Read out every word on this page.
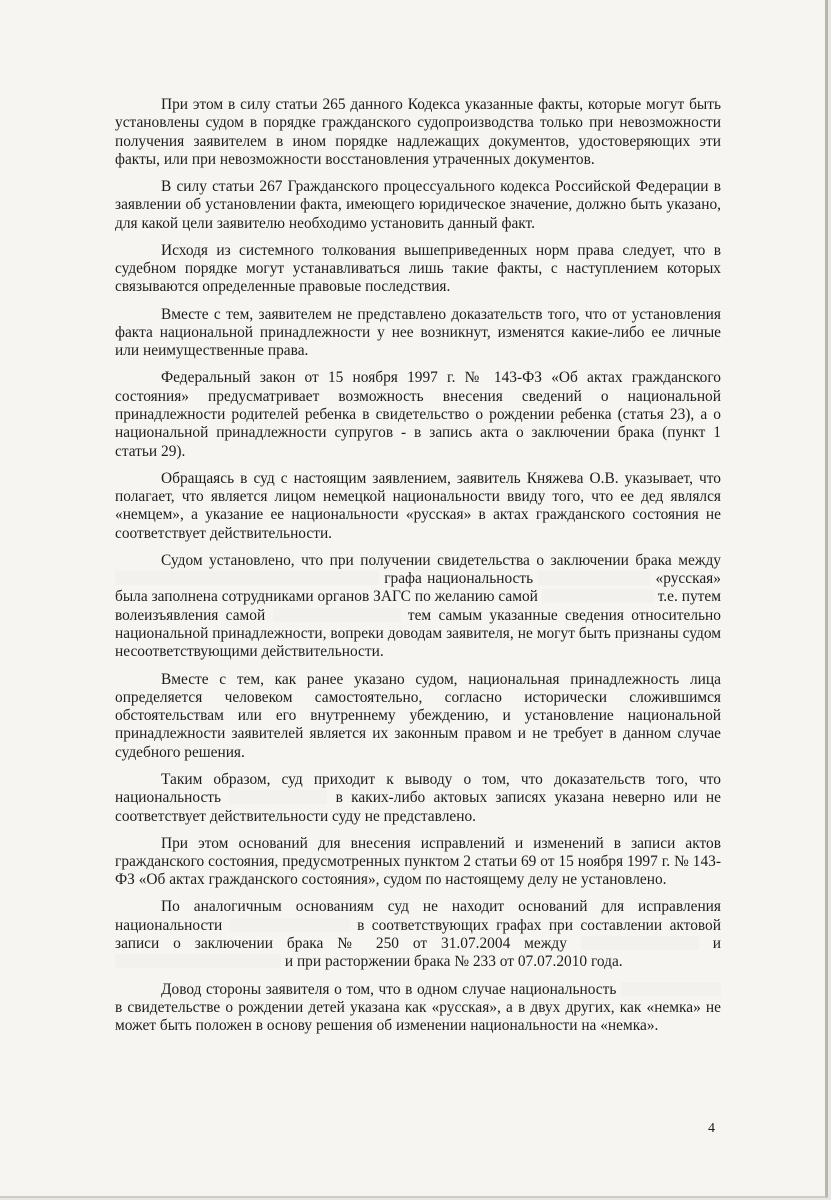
При этом в силу статьи 265 данного Кодекса указанные факты, которые могут быть установлены судом в порядке гражданского судопроизводства только при невозможности получения заявителем в ином порядке надлежащих документов, удостоверяющих эти факты, или при невозможности восстановления утраченных документов.

В силу статьи 267 Гражданского процессуального кодекса Российской Федерации в заявлении об установлении факта, имеющего юридическое значение, должно быть указано, для какой цели заявителю необходимо установить данный факт.

Исходя из системного толкования вышеприведенных норм права следует, что в судебном порядке могут устанавливаться лишь такие факты, с наступлением которых связываются определенные правовые последствия.

Вместе с тем, заявителем не представлено доказательств того, что от установления факта национальной принадлежности у нее возникнут, изменятся какие-либо ее личные или неимущественные права.

Федеральный закон от 15 ноября 1997 г. № 143-ФЗ «Об актах гражданского состояния» предусматривает возможность внесения сведений о национальной принадлежности родителей ребенка в свидетельство о рождении ребенка (статья 23), а о национальной принадлежности супругов - в запись акта о заключении брака (пункт 1 статьи 29).

Обращаясь в суд с настоящим заявлением, заявитель Княжева О.В. указывает, что полагает, что является лицом немецкой национальности ввиду того, что ее дед являлся «немцем», а указание ее национальности «русская» в актах гражданского состояния не соответствует действительности.

Судом установлено, что при получении свидетельства о заключении брака между  графа национальность	«русская» была заполнена сотрудниками органов ЗАГС по желанию самой	т.е. путем волеизъявления самой	тем самым указанные сведения относительно национальной принадлежности, вопреки доводам заявителя, не могут быть признаны судом несоответствующими действительности.

Вместе с тем, как ранее указано судом, национальная принадлежность лица определяется человеком самостоятельно, согласно исторически сложившимся обстоятельствам или его внутреннему убеждению, и установление национальной принадлежности заявителей является их законным правом и не требует в данном случае судебного решения.

Таким образом, суд приходит к выводу о том, что доказательств того, что национальность	в каких-либо актовых записях указана неверно или не соответствует действительности суду не представлено.

При этом оснований для внесения исправлений и изменений в записи актов гражданского состояния, предусмотренных пунктом 2 статьи 69 от 15 ноября 1997 г. № 143-ФЗ «Об актах гражданского состояния», судом по настоящему делу не установлено.

По аналогичным основаниям суд не находит оснований для исправления национальности	в соответствующих графах при составлении актовой записи о заключении брака № 250 от 31.07.2004 между	и  и при расторжении брака № 233 от 07.07.2010 года.

Довод стороны заявителя о том, что в одном случае национальность  в свидетельстве о рождении детей указана как «русская», а в двух других, как «немка» не может быть положен в основу решения об изменении национальности на «немка».

4
